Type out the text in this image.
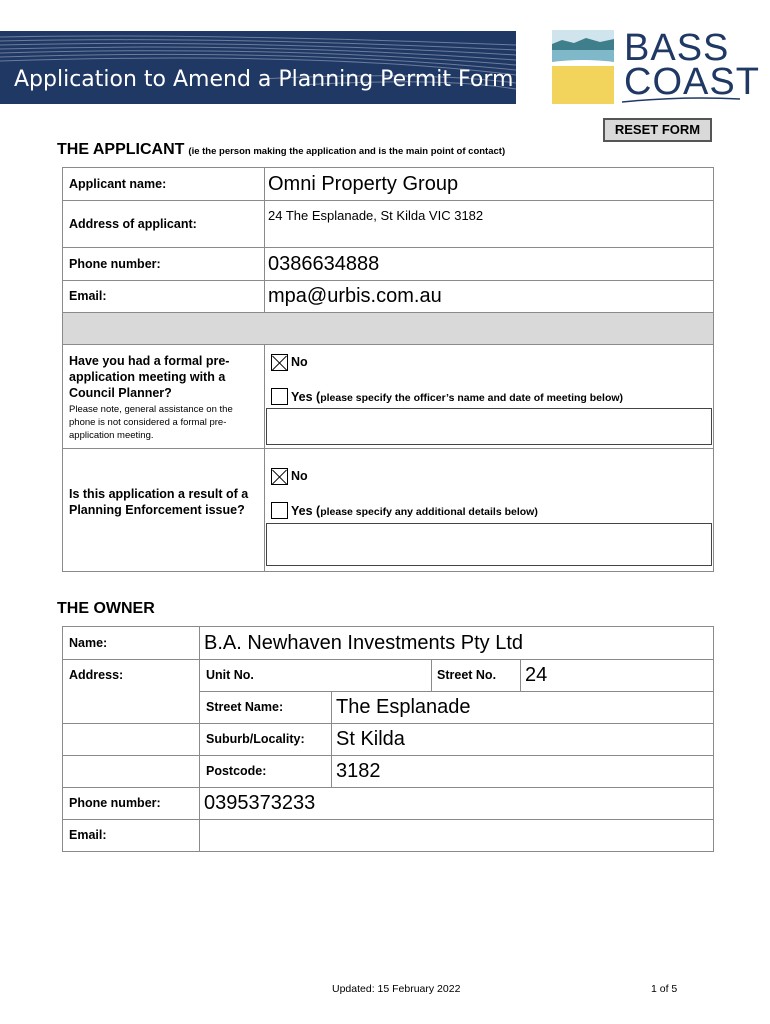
Application to Amend a Planning Permit Form
BASS
COAST
RESET FORM
THE APPLICANT (ie the person making the application and is the main point of contact)
Applicant name:	Omni Property Group
Address of applicant:
24 The Esplanade, St Kilda VIC 3182
Phone number:	0386634888
Email:	mpa@urbis.com.au
Have you had a formal pre-application meeting with a Council Planner?
Please note, general assistance on the phone is not considered a formal pre-application meeting.
No
Yes (please specify the officer’s name and date of meeting below)
Is this application a result of a Planning Enforcement issue?
No
Yes (please specify any additional details below)
THE OWNER
Name:	B.A. Newhaven Investments Pty Ltd
Address:	Unit No.	Street No. 24
Street Name:	The Esplanade
Suburb/Locality: St Kilda
Postcode:	3182
Phone number: 0395373233
Email:
Updated: 15 February 2022	1 of 5
